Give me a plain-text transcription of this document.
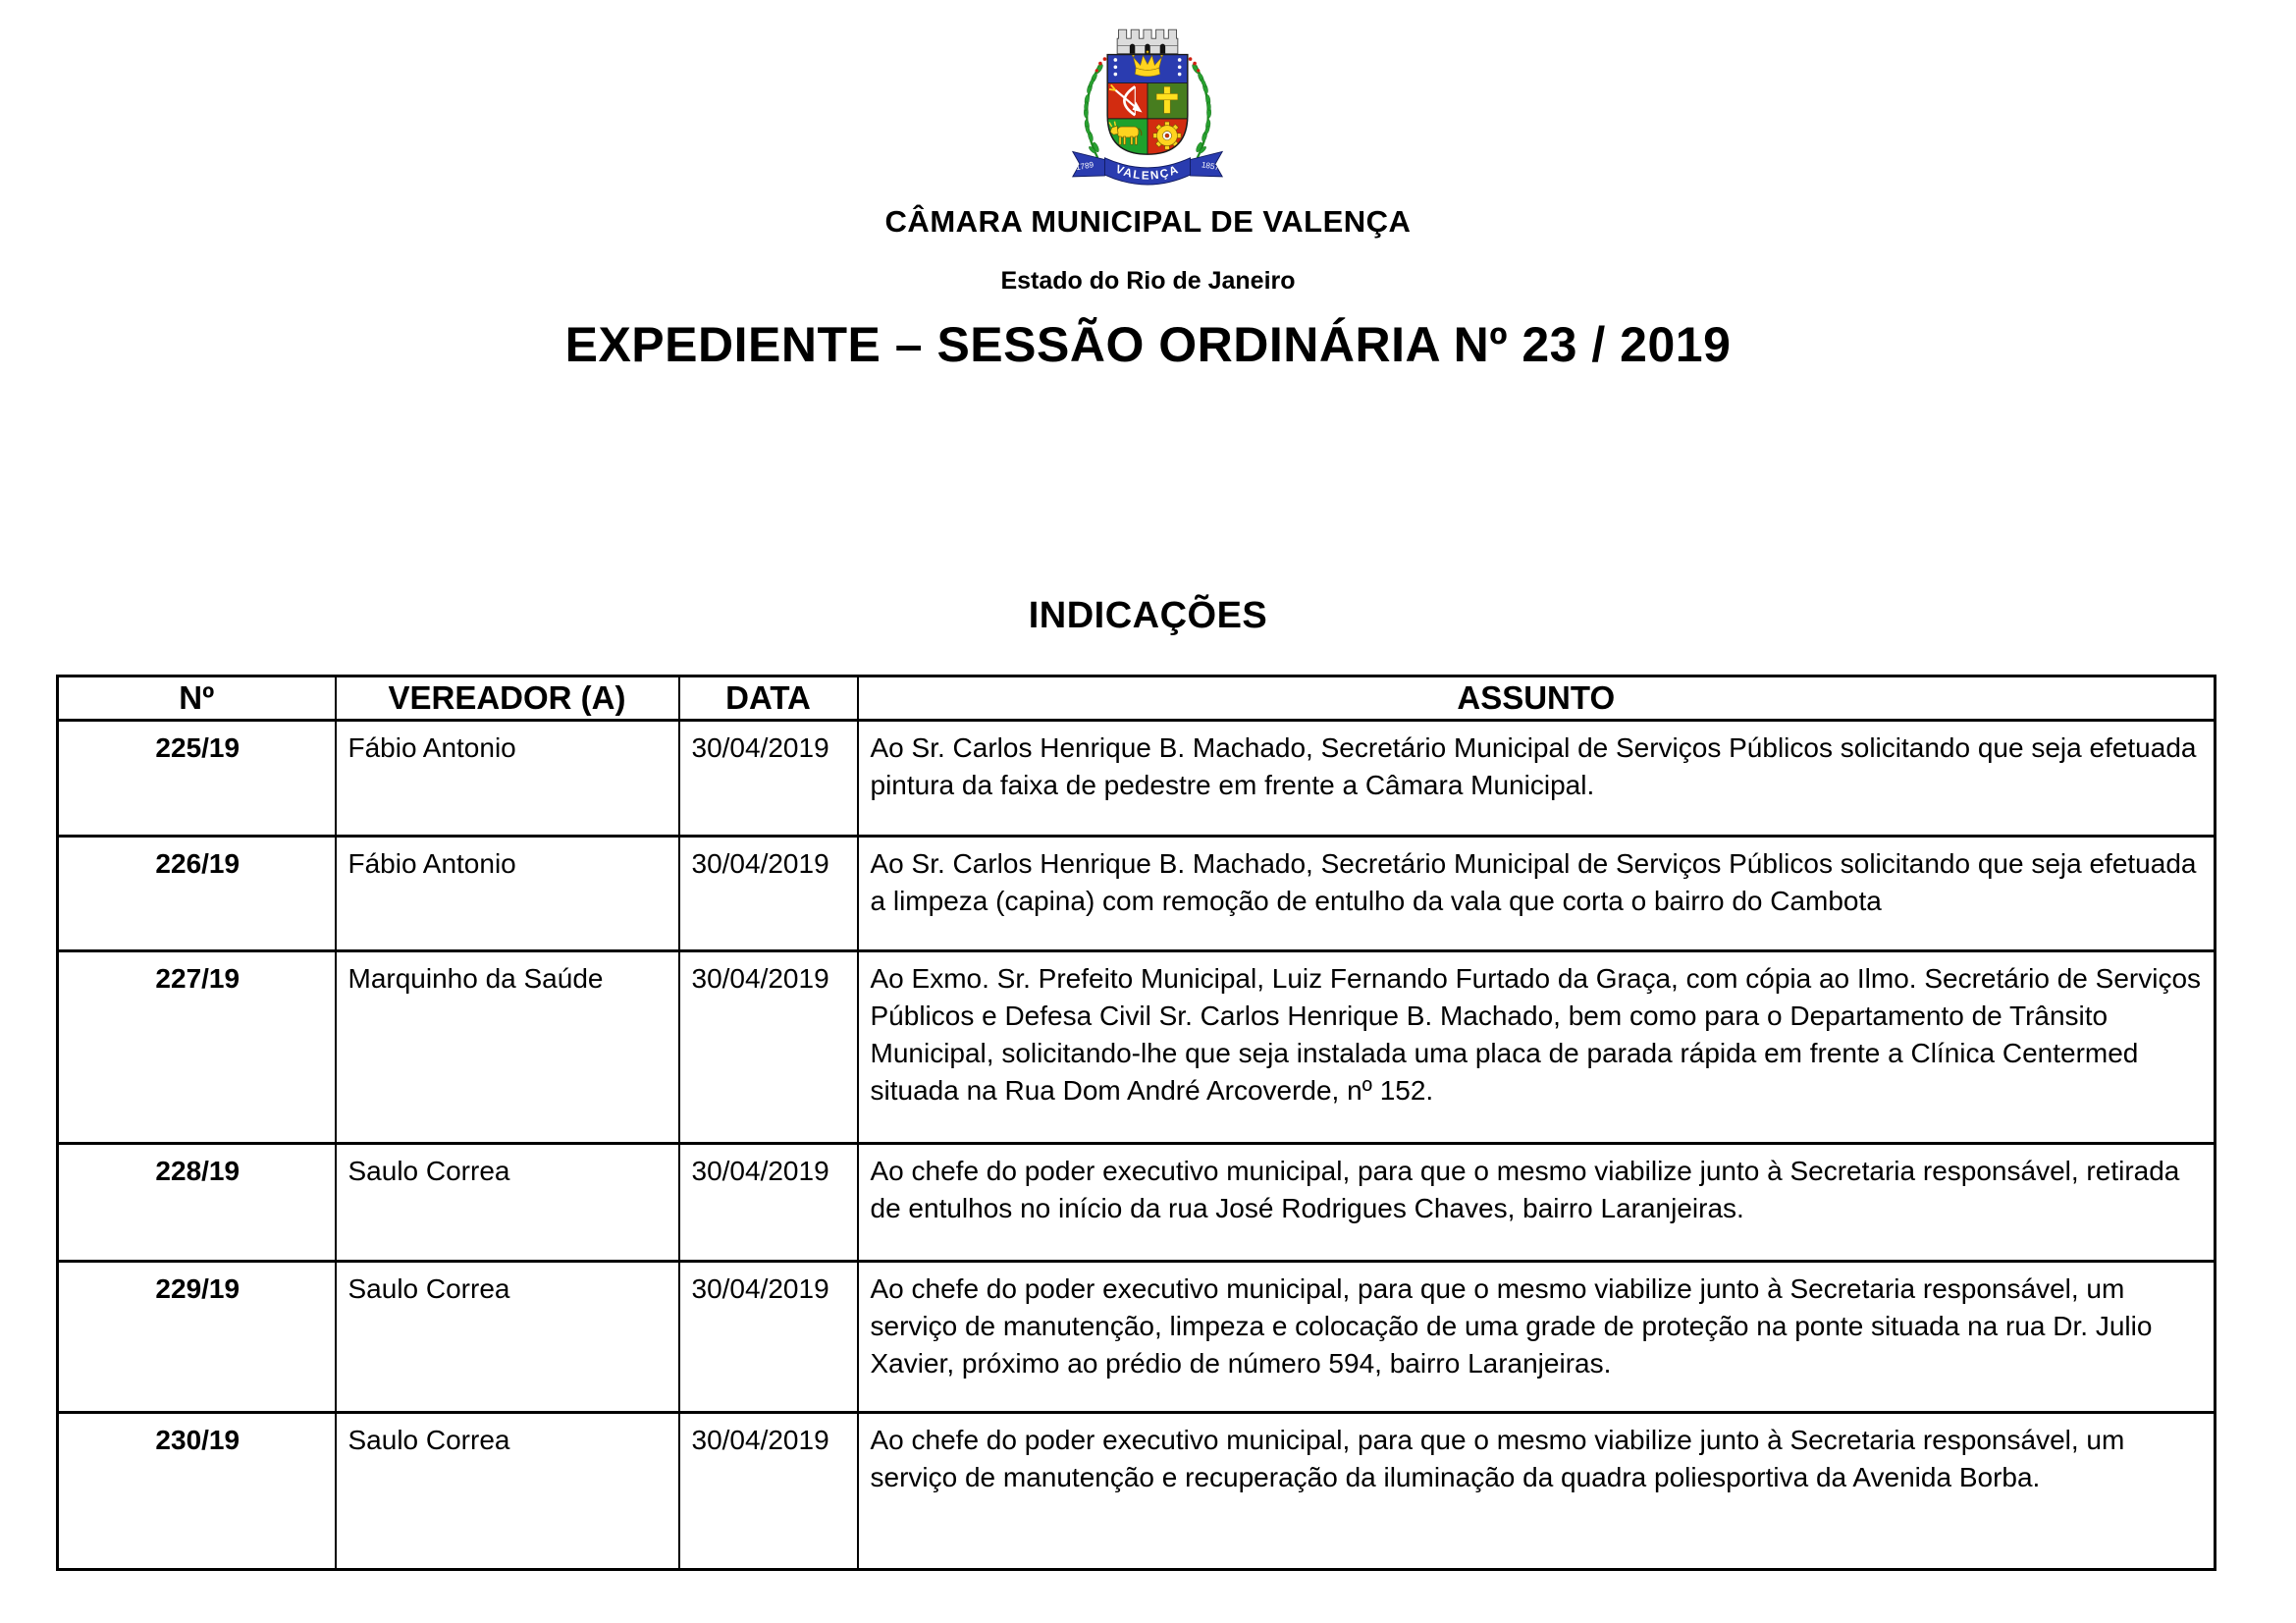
VALENÇA
1789	1857
CÂMARA MUNICIPAL DE VALENÇA
Estado do Rio de Janeiro
EXPEDIENTE – SESSÃO ORDINÁRIA Nº 23 / 2019
INDICAÇÕES
Nº	VEREADOR (A)	DATA	ASSUNTO
225/19	Fábio Antonio	30/04/2019	Ao Sr. Carlos Henrique B. Machado, Secretário Municipal de Serviços Públicos solicitando que seja efetuada pintura da faixa de pedestre em frente a Câmara Municipal.
226/19	Fábio Antonio	30/04/2019	Ao Sr. Carlos Henrique B. Machado, Secretário Municipal de Serviços Públicos solicitando que seja efetuada a limpeza (capina) com remoção de entulho da vala que corta o bairro do Cambota
227/19	Marquinho da Saúde	30/04/2019	Ao Exmo. Sr. Prefeito Municipal, Luiz Fernando Furtado da Graça, com cópia ao Ilmo. Secretário de Serviços Públicos e Defesa Civil Sr. Carlos Henrique B. Machado, bem como para o Departamento de Trânsito Municipal, solicitando-lhe que seja instalada uma placa de parada rápida em frente a Clínica Centermed situada na Rua Dom André Arcoverde, nº 152.
228/19	Saulo Correa	30/04/2019	Ao chefe do poder executivo municipal, para que o mesmo viabilize junto à Secretaria responsável, retirada de entulhos no início da rua José Rodrigues Chaves, bairro Laranjeiras.
229/19	Saulo Correa	30/04/2019	Ao chefe do poder executivo municipal, para que o mesmo viabilize junto à Secretaria responsável, um serviço de manutenção, limpeza e colocação de uma grade de proteção na ponte situada na rua Dr. Julio Xavier, próximo ao prédio de número 594, bairro Laranjeiras.
230/19	Saulo Correa	30/04/2019	Ao chefe do poder executivo municipal, para que o mesmo viabilize junto à Secretaria responsável, um serviço de manutenção e recuperação da iluminação da quadra poliesportiva da Avenida Borba.
